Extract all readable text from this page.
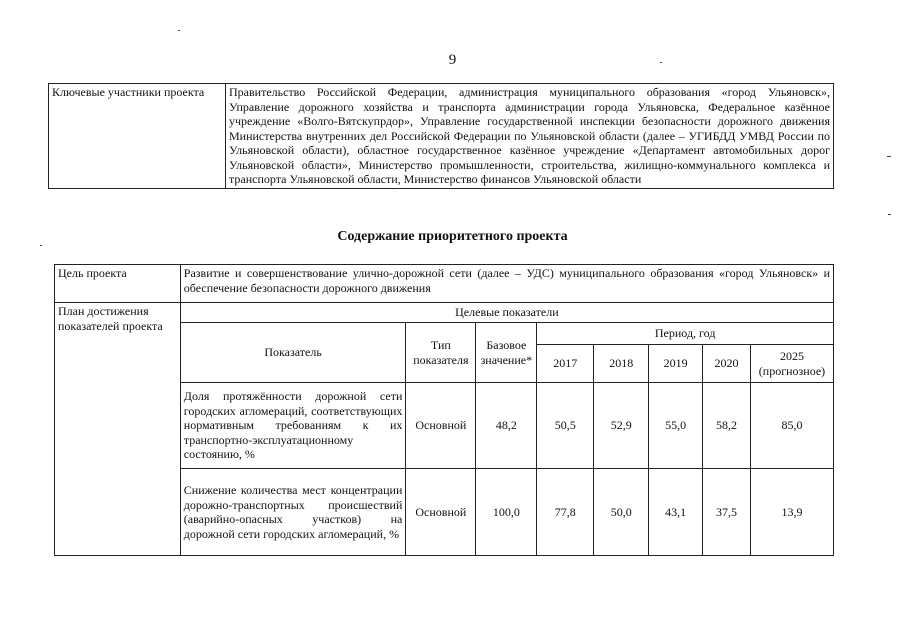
9
Ключевые участники проекта	Правительство Российской Федерации, администрация муниципального образования «город Ульяновск», Управление дорожного хозяйства и транспорта администрации города Ульяновска, Федеральное казённое учреждение «Волго-Вятскупрдор», Управление государственной инспекции безопасности дорожного движения Министерства внутренних дел Российской Федерации по Ульяновской области (далее – УГИБДД УМВД России по Ульяновской области), областное государственное казённое учреждение «Департамент автомобильных дорог Ульяновской области», Министерство промышленности, строительства, жилищно-коммунального комплекса и транспорта Ульяновской области, Министерство финансов Ульяновской области
Содержание приоритетного проекта
Цель проекта	Развитие и совершенствование улично-дорожной сети (далее – УДС) муниципального образования «город Ульяновск» и обеспечение безопасности дорожного движения							
План достижения показателей проекта	Целевые показатели							
	Показатель	Тип показателя	Базовое значение*	Период, год				
				2017	2018	2019	2020	2025 (прогнозное)
	Доля протяжённости дорожной сети городских агломераций, соответствующих нормативным требованиям к их транспортно-эксплуатационному состоянию, %	Основной	48,2	50,5	52,9	55,0	58,2	85,0
	Снижение количества мест концентрации дорожно-транспортных происшествий (аварийно-опасных участков) на дорожной сети городских агломераций, %	Основной	100,0	77,8	50,0	43,1	37,5	13,9
